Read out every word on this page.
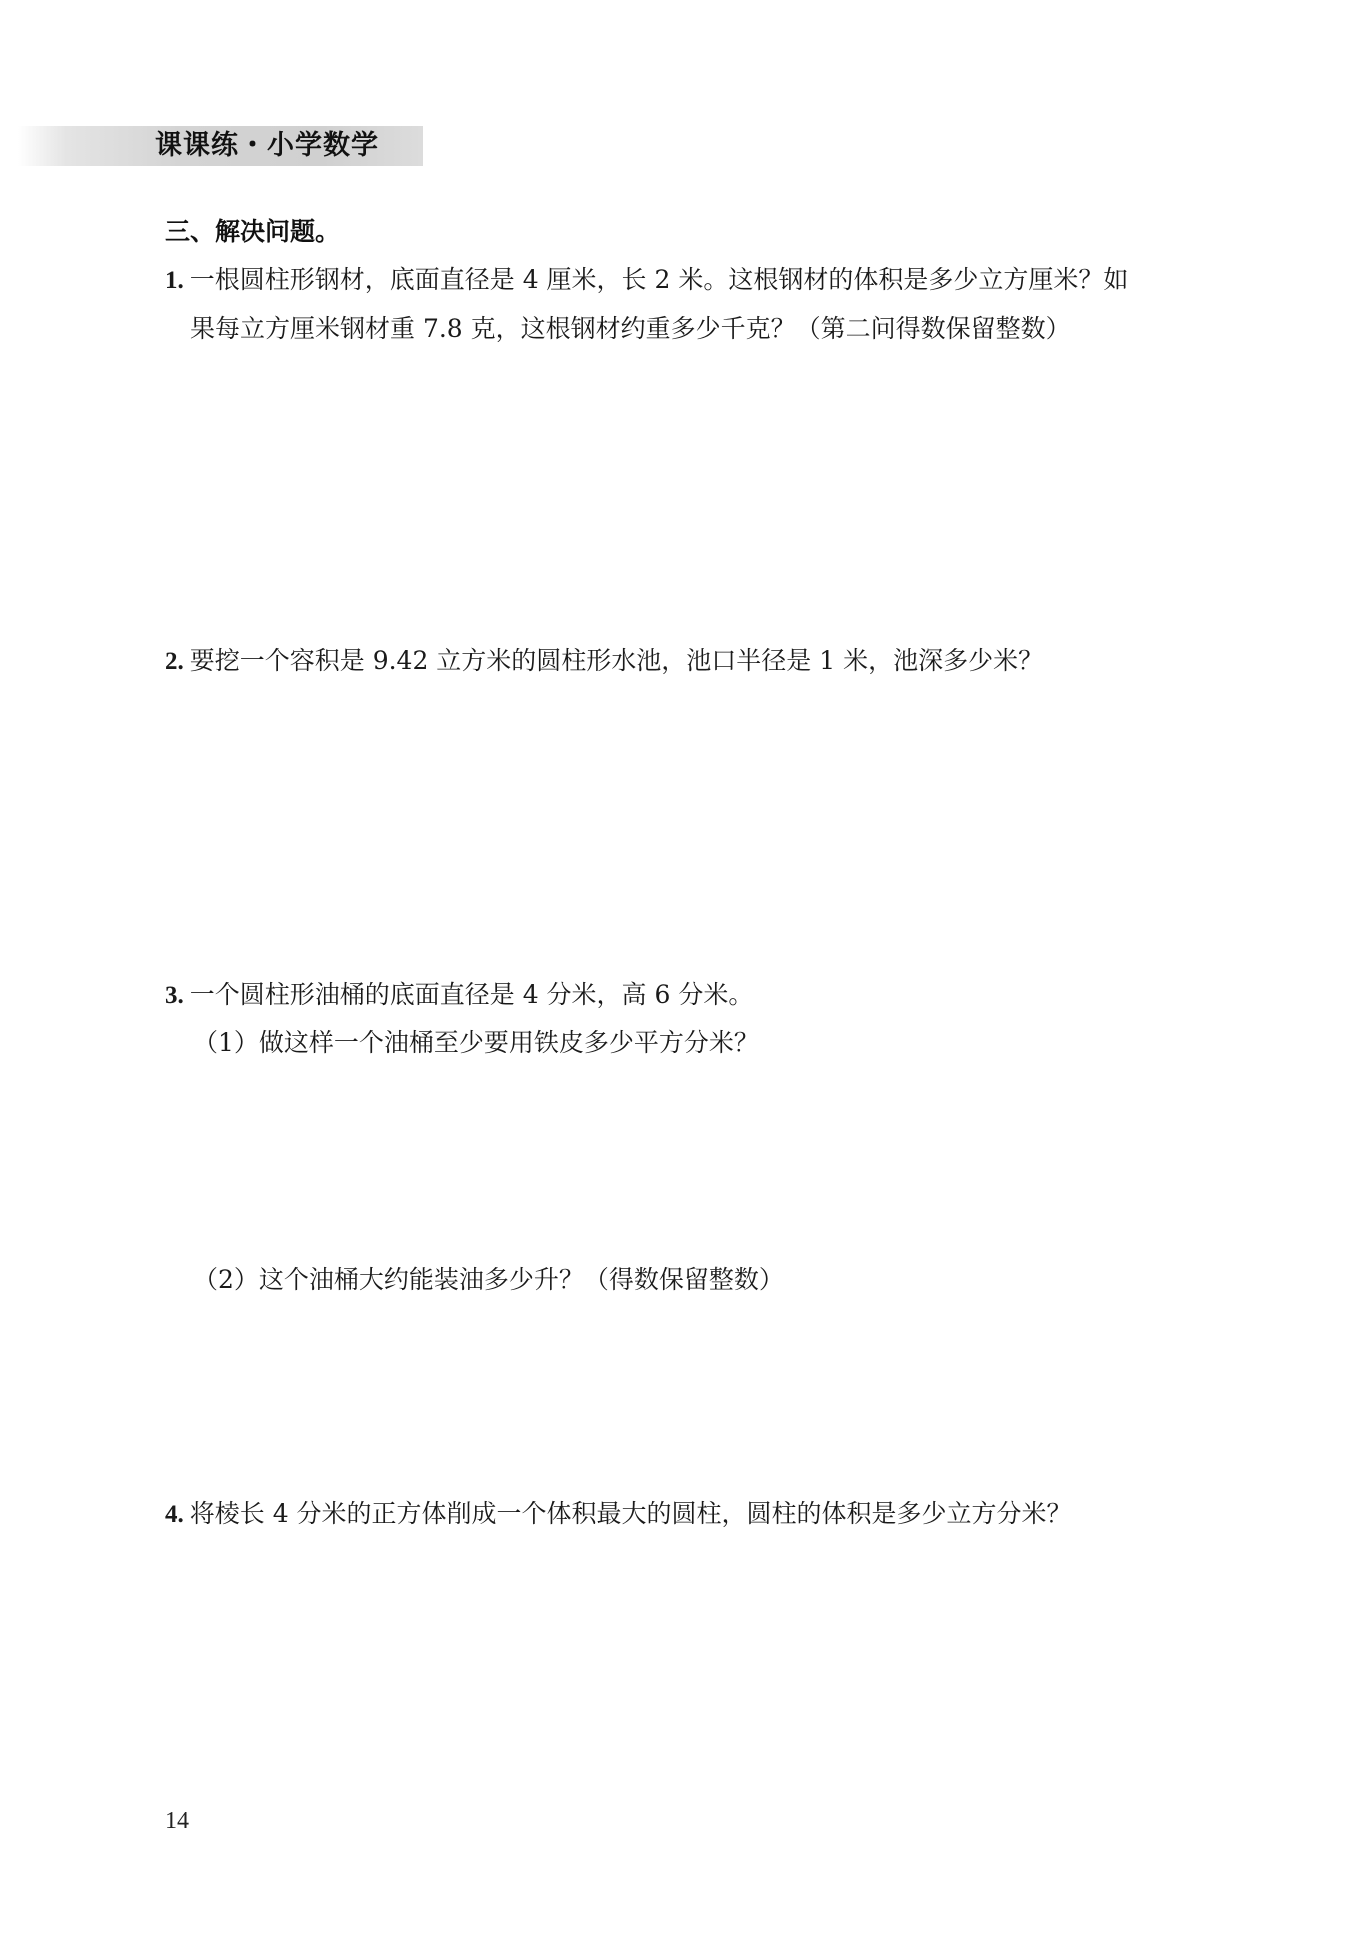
课课练・小学数学
三、解决问题。
1. 一根圆柱形钢材，底面直径是 4 厘米，长 2 米。这根钢材的体积是多少立方厘米？如
果每立方厘米钢材重 7.8 克，这根钢材约重多少千克？（第二问得数保留整数）
2. 要挖一个容积是 9.42 立方米的圆柱形水池，池口半径是 1 米，池深多少米？
3. 一个圆柱形油桶的底面直径是 4 分米，高 6 分米。
（1）做这样一个油桶至少要用铁皮多少平方分米？
（2）这个油桶大约能装油多少升？（得数保留整数）
4. 将棱长 4 分米的正方体削成一个体积最大的圆柱，圆柱的体积是多少立方分米？
14
